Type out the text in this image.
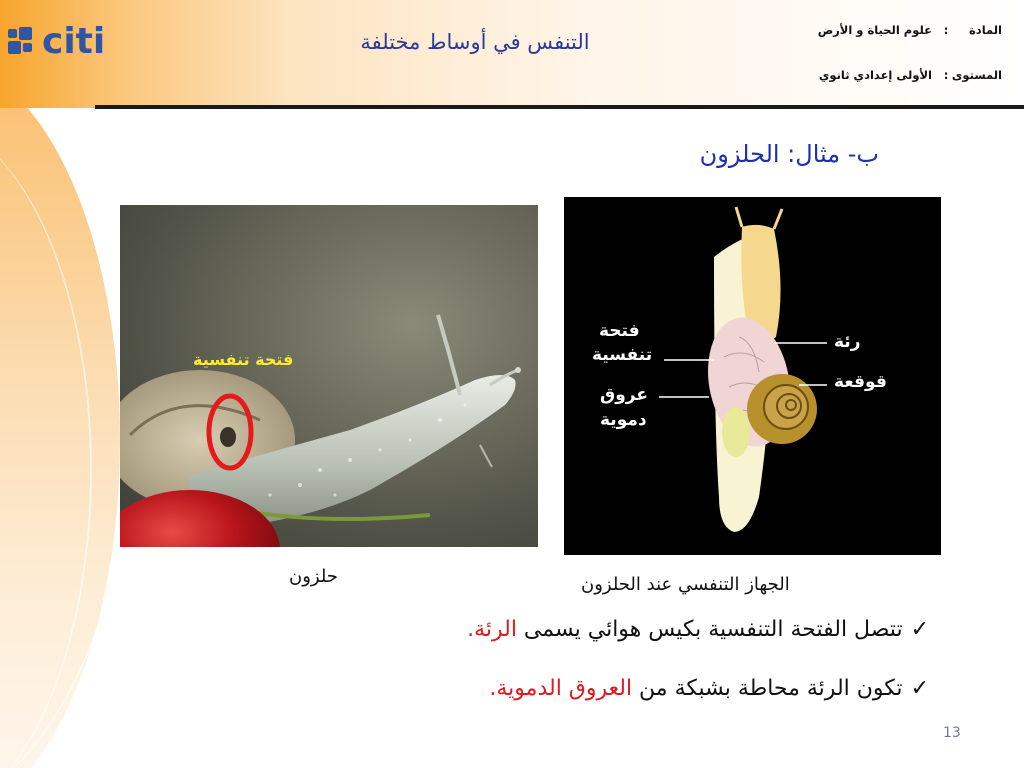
citi	التنفس في أوساط مختلفة	المادة:علوم الحياة و الأرض
المستوى:الأولى إعدادي ثانوي
ب- مثال: الحلزون
فتحة تنفسية
فتحة
تنفسية
عروق
دموية
رئة
قوقعة
حلزون	الجهاز التنفسي عند الحلزون
✓تتصل الفتحة التنفسية بكيس هوائي يسمى الرئة.
✓تكون الرئة محاطة بشبكة من العروق الدموية.
13
